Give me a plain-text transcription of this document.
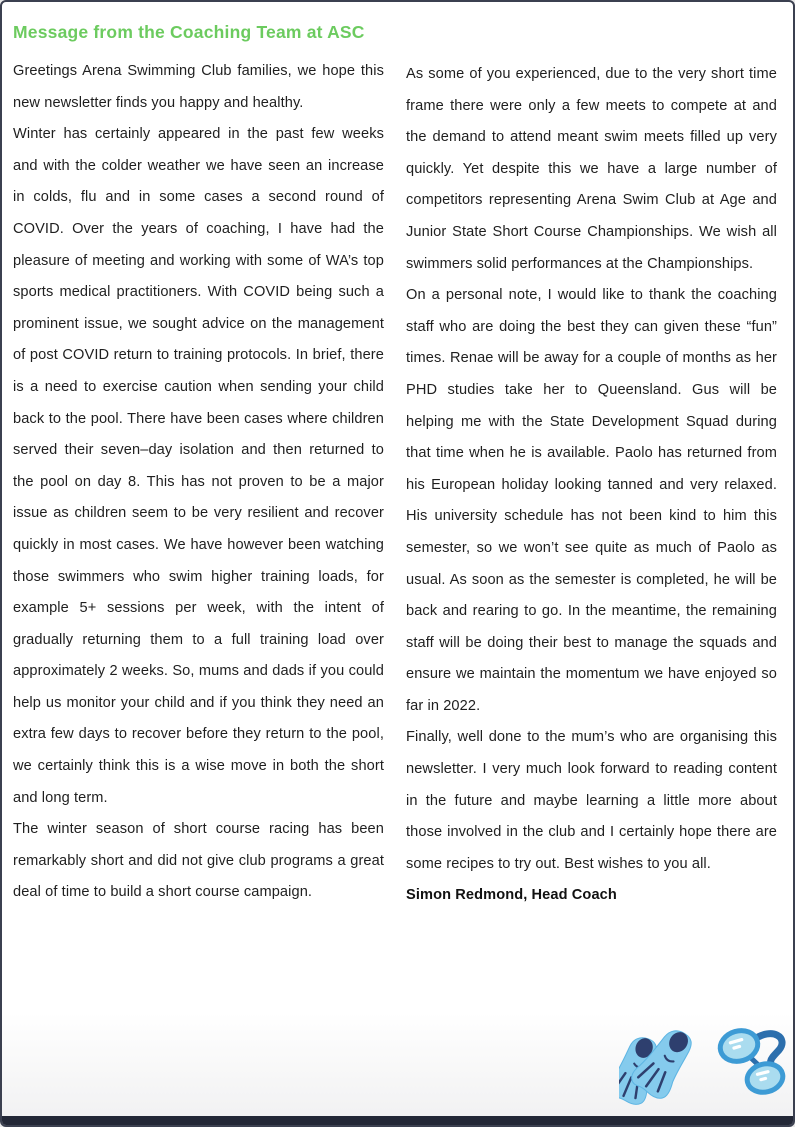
Message from the Coaching Team at ASC

Greetings Arena Swimming Club families, we hope this new newsletter finds you happy and healthy.

Winter has certainly appeared in the past few weeks and with the colder weather we have seen an increase in colds, flu and in some cases a second round of COVID. Over the years of coaching, I have had the pleasure of meeting and working with some of WA’s top sports medical practitioners. With COVID being such a prominent issue, we sought advice on the management of post COVID return to training protocols. In brief, there is a need to exercise caution when sending your child back to the pool. There have been cases where children served their seven–day isolation and then returned to the pool on day 8. This has not proven to be a major issue as children seem to be very resilient and recover quickly in most cases. We have however been watching those swimmers who swim higher training loads, for example 5+ sessions per week, with the intent of gradually returning them to a full training load over approximately 2 weeks. So, mums and dads if you could help us monitor your child and if you think they need an extra few days to recover before they return to the pool, we certainly think this is a wise move in both the short and long term.

The winter season of short course racing has been remarkably short and did not give club programs a great deal of time to build a short course campaign.

As some of you experienced, due to the very short time frame there were only a few meets to compete at and the demand to attend meant swim meets filled up very quickly. Yet despite this we have a large number of competitors representing Arena Swim Club at Age and Junior State Short Course Championships. We wish all swimmers solid performances at the Championships.

On a personal note, I would like to thank the coaching staff who are doing the best they can given these “fun” times. Renae will be away for a couple of months as her PHD studies take her to Queensland. Gus will be helping me with the State Development Squad during that time when he is available. Paolo has returned from his European holiday looking tanned and very relaxed. His university schedule has not been kind to him this semester, so we won’t see quite as much of Paolo as usual. As soon as the semester is completed, he will be back and rearing to go. In the meantime, the remaining staff will be doing their best to manage the squads and ensure we maintain the momentum we have enjoyed so far in 2022.

Finally, well done to the mum’s who are organising this newsletter. I very much look forward to reading content in the future and maybe learning a little more about those involved in the club and I certainly hope there are some recipes to try out. Best wishes to you all.

Simon Redmond, Head Coach
